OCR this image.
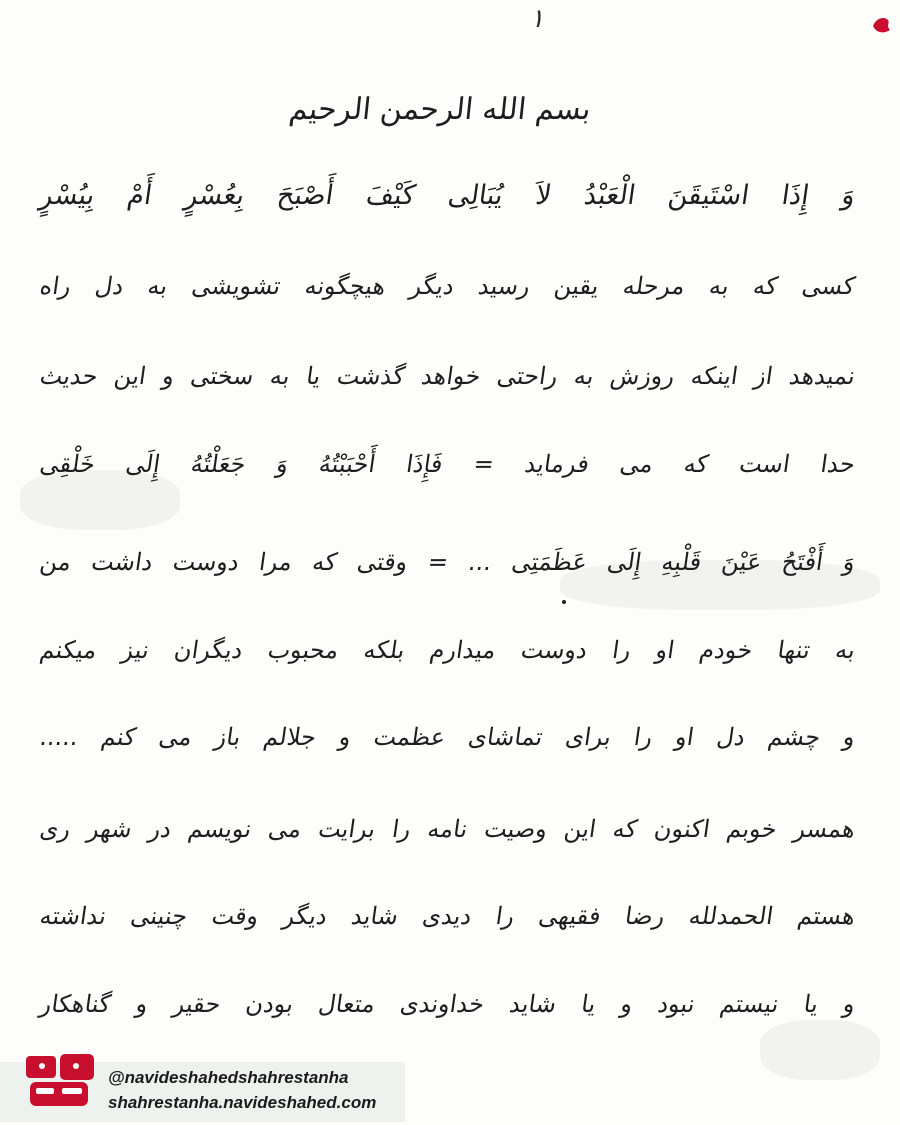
۱
بسم الله الرحمن الرحیم
وَ إِذَا اسْتَیقَنَ الْعَبْدُ لاَ یُبَالِی کَیْفَ أَصْبَحَ بِعُسْرٍ أَمْ بِیُسْرٍ
کسی که به مرحله یقین رسید دیگر هیچگونه تشویشی به دل راه
نمیدهد از اینکه روزش به راحتی خواهد گذشت یا به سختی و این حدیث
حدا است که می فرماید = فَإِذَا أَحْبَبْتُهُ وَ جَعَلْتُهُ إِلَى خَلْقِی
وَ أَفْتَحُ عَیْنَ قَلْبِهِ إِلَى عَظَمَتِی ... = وقتی که مرا دوست داشت من
به تنها خودم او را دوست میدارم بلکه محبوب دیگران نیز میکنم
و چشم دل او را برای تماشای عظمت و جلالم باز می کنم .....
همسر خوبم اکنون که این وصیت نامه را برایت می نویسم در شهر ری
هستم الحمدلله رضا فقیهی را دیدی شاید دیگر وقت چنینی نداشته
و یا نیستم نبود و یا شاید خداوندی متعال بودن حقیر و گناهکار
@navideshahedshahrestanha
shahrestanha.navideshahed.com
